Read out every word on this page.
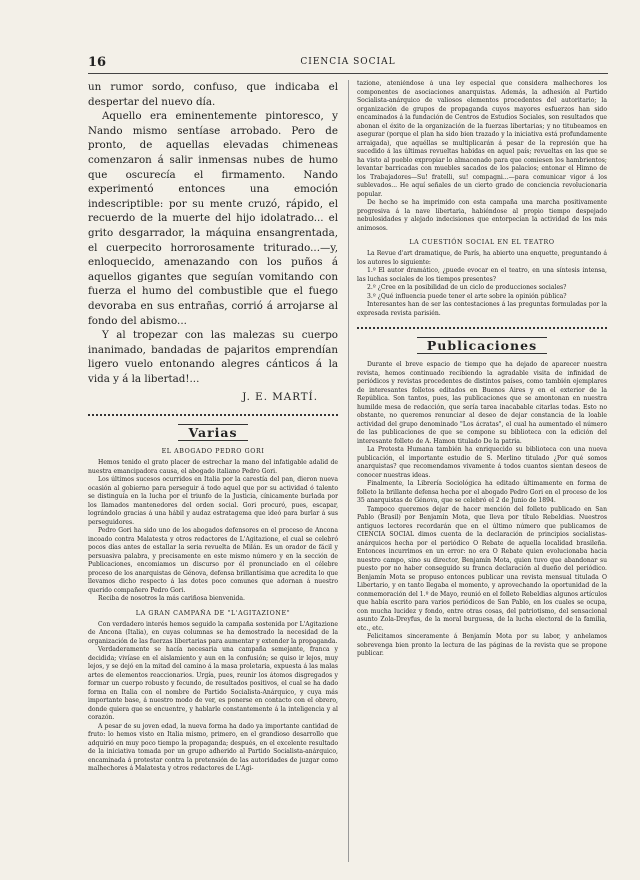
16	CIENCIA SOCIAL

un rumor sordo, confuso, que indicaba el despertar del nuevo día.

Aquello era eminentemente pintoresco, y Nando mismo sentíase arrobado. Pero de pronto, de aquellas elevadas chimeneas comenzaron á salir inmensas nubes de humo que oscurecía el firmamento. Nando experimentó entonces una emoción indescriptible: por su mente cruzó, rápido, el recuerdo de la muerte del hijo idolatrado... el grito desgarrador, la máquina ensangrentada, el cuerpecito horrorosamente triturado...—y, enloquecido, amenazando con los puños á aquellos gigantes que seguían vomitando con fuerza el humo del combustible que el fuego devoraba en sus entrañas, corrió á arrojarse al fondo del abismo...

Y al tropezar con las malezas su cuerpo inanimado, bandadas de pajaritos emprendían ligero vuelo entonando alegres cánticos á la vida y á la libertad!...

J. E. MARTÍ.

Varias
EL ABOGADO PEDRO GORI

Hemos tenido el grato placer de estrechar la mano del infatigable adalid de nuestra emancipadora causa, el abogado italiano Pedro Gori.

Los últimos sucesos ocurridos en Italia por la carestía del pan, dieron nueva ocasión al gobierno para perseguir á todo aquel que por su actividad ó talento se distinguía en la lucha por el triunfo de la Justicia, cínicamente burlada por los llamados mantenedores del orden social. Gori procuró, pues, escapar, lográndolo gracias á una hábil y audaz estratagema que ideó para burlar á sus perseguidores.

Pedro Gori ha sido uno de los abogados defensores en el proceso de Ancona incoado contra Malatesta y otros redactores de L'Agitazione, el cual se celebró pocos días antes de estallar la seria revuelta de Milán. Es un orador de fácil y persuasiva palabra, y precisamente en este mismo número y en la sección de Publicaciones, encomiamos un discurso por él pronunciado en el célebre proceso de los anarquistas de Génova, defensa brillantísima que acredita lo que llevamos dicho respecto á las dotes poco comunes que adornan á nuestro querido compañero Pedro Gori.

Reciba de nosotros la más cariñosa bienvenida.

LA GRAN CAMPAÑA DE "L'AGITAZIONE"

Con verdadero interés hemos seguido la campaña sostenida por L'Agitazione de Ancona (Italia), en cuyas columnas se ha demostrado la necesidad de la organización de las fuerzas libertarias para aumentar y extender la propaganda.

Verdaderamente se hacía necesaria una campaña semejante, franca y decidida; vivíase en el aislamiento y aun en la confusión; se quiso ir lejos, muy lejos, y se dejó en la mitad del camino á la masa proletaria, expuesta á las malas artes de elementos reaccionarios. Urgía, pues, reunir los átomos disgregados y formar un cuerpo robusto y fecundo, de resultados positivos, el cual se ha dado forma en Italia con el nombre de Partido Socialista-Anárquico, y cuya más importante base, á nuestro modo de ver, es ponerse en contacto con el obrero, donde quiera que se encuentre, y hablarle constantemente á la inteligencia y al corazón.

A pesar de su joven edad, la nueva forma ha dado ya importante cantidad de fruto: lo hemos visto en Italia mismo, primero, en el grandioso desarrollo que adquirió en muy poco tiempo la propaganda; después, en el excelente resultado de la iniciativa tomada por un grupo adherido al Partido Socialista-anárquico, encaminada á protestar contra la pretensión de las autoridades de juzgar como malhechores á Malatesta y otros redactores de L'Agi-

tazione, ateniéndose á una ley especial que considera malhechores los componentes de asociaciones anarquistas. Además, la adhesión al Partido Socialista-anárquico de valiosos elementos procedentes del autoritario; la organización de grupos de propaganda cuyos mayores esfuerzos han sido encaminados á la fundación de Centros de Estudios Sociales, son resultados que abonan el éxito de la organización de la fuerzas libertarias; y no titubeamos en asegurar (porque el plan ha sido bien trazado y la iniciativa está profundamente arraigada), que aquéllas se multiplicarán á pesar de la represión que ha sucedido á las últimas revueltas habidas en aquel país; revueltas en las que se ha visto al pueblo expropiar lo almacenado para que comiesen los hambrientos; levantar barricadas con muebles sacados de los palacios; entonar el Himno de los Trabajadores—Su! fratelli, su! compagni...—para comunicar vigor á los sublevados... He aquí señales de un cierto grado de conciencia revolucionaria popular.

De hecho se ha imprimido con esta campaña una marcha positivamente progresiva á la nave libertaria, habiéndose al propio tiempo despejado nebulosidades y alejado indecisiones que entorpecían la actividad de los más animosos.

LA CUESTIÓN SOCIAL EN EL TEATRO

La Revue d'art dramatique, de París, ha abierto una enquette, preguntando á los autores lo siguiente:

1.º El autor dramático, ¿puede evocar en el teatro, en una síntesis intensa, las luchas sociales de los tiempos presentes?

2.º ¿Cree en la posibilidad de un ciclo de producciones sociales?

3.º ¿Qué influencia puede tener el arte sobre la opinión pública?

Interesantes han de ser las contestaciones á las preguntas formuladas por la expresada revista parisién.

Publicaciones

Durante el breve espacio de tiempo que ha dejado de aparecer nuestra revista, hemos continuado recibiendo la agradable visita de infinidad de periódicos y revistas procedentes de distintos países, como también ejemplares de interesantes folletos editados en Buenos Aires y en el exterior de la República. Son tantos, pues, las publicaciones que se amontonan en nuestra humilde mesa de redacción, que sería tarea inacabable citarlas todas. Esto no obstante, no queremos renunciar al deseo de dejar constancia de la loable actividad del grupo denominado "Los ácratas", el cual ha aumentado el número de las publicaciones de que se compone su biblioteca con la edición del interesante folleto de A. Hamon titulado De la patria.

La Protesta Humana también ha enriquecido su biblioteca con una nueva publicación, el importante estudio de S. Merlino titulado ¿Por qué somos anarquistas? que recomendamos vivamente á todos cuantos sientan deseos de conocer nuestras ideas.

Finalmente, la Librería Sociológica ha editado últimamente en forma de folleto la brillante defensa hecha por el abogado Pedro Gori en el proceso de los 35 anarquistas de Génova, que se celebró el 2 de Junio de 1894.

Tampoco queremos dejar de hacer mención del folleto publicado en San Pablo (Brasil) por Benjamín Mota, que lleva por título Rebeldias. Nuestros antiguos lectores recordarán que en el último número que publicamos de CIENCIA SOCIAL dimos cuenta de la declaración de principios socialistas-anárquicos hecha por el periódico O Rebate de aquella localidad brasileña. Entonces incurrimos en un error: no era O Rebate quien evolucionaba hacia nuestro campo, sino su director, Benjamín Mota, quien tuvo que abandonar su puesto por no haber conseguido su franca declaración al dueño del periódico. Benjamín Mota se propuso entonces publicar una revista mensual titulada O Libertario, y en tanto llegaba el momento, y aprovechando la oportunidad de la conmemoración del 1.º de Mayo, reunió en el folleto Rebeldias algunos artículos que había escrito para varios periódicos de San Pablo, en los cuales se ocupa, con mucha lucidez y fondo, entre otras cosas, del patriotismo, del sensacional asunto Zola-Dreyfus, de la moral burguesa, de la lucha electoral de la familia, etc., etc.

Felicitamos sinceramente á Benjamín Mota por su labor, y anhelamos sobrevenga bien pronto la lectura de las páginas de la revista que se propone publicar.
